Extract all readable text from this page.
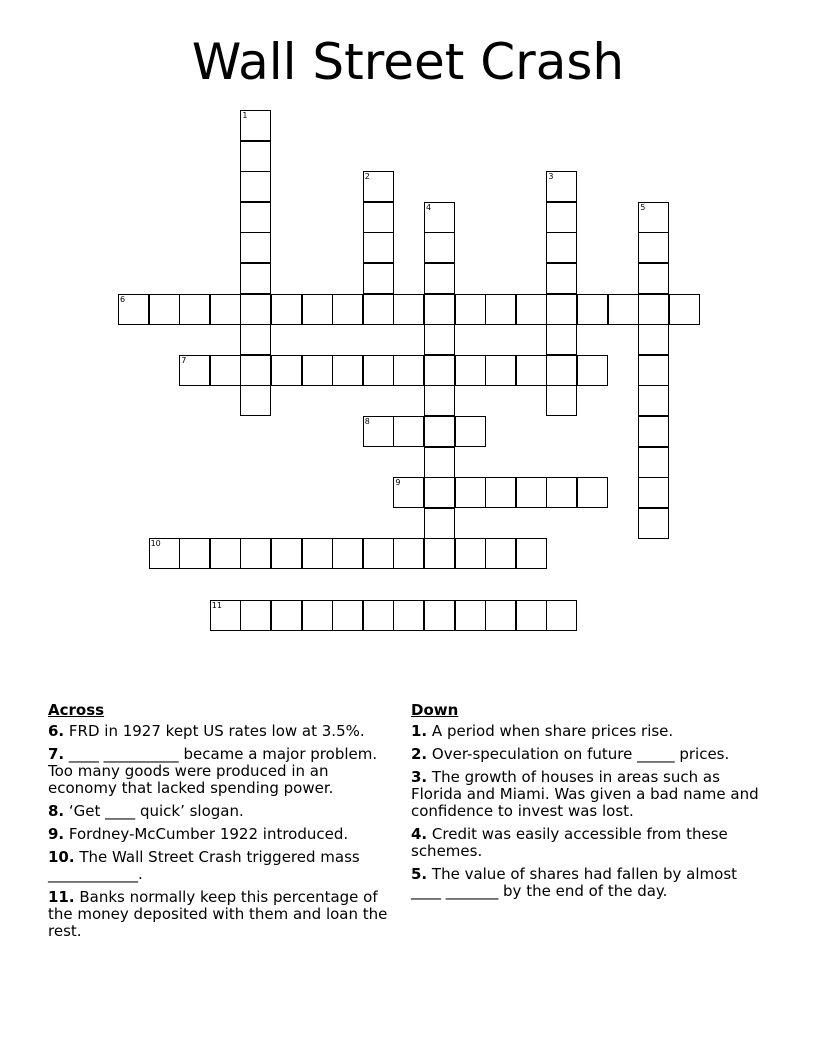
Wall Street Crash
1
2	3
4	5
6
7
8
9
10
11
Across
6. FRD in 1927 kept US rates low at 3.5%.
7. ____ __________ became a major problem. Too many goods were produced in an economy that lacked spending power.
8. ‘Get ____ quick’ slogan.
9. Fordney-McCumber 1922 introduced.
10. The Wall Street Crash triggered mass ____________.
11. Banks normally keep this percentage of the money deposited with them and loan the rest.
Down
1. A period when share prices rise.
2. Over-speculation on future _____ prices.
3. The growth of houses in areas such as Florida and Miami. Was given a bad name and confidence to invest was lost.
4. Credit was easily accessible from these schemes.
5. The value of shares had fallen by almost ____ _______ by the end of the day.
